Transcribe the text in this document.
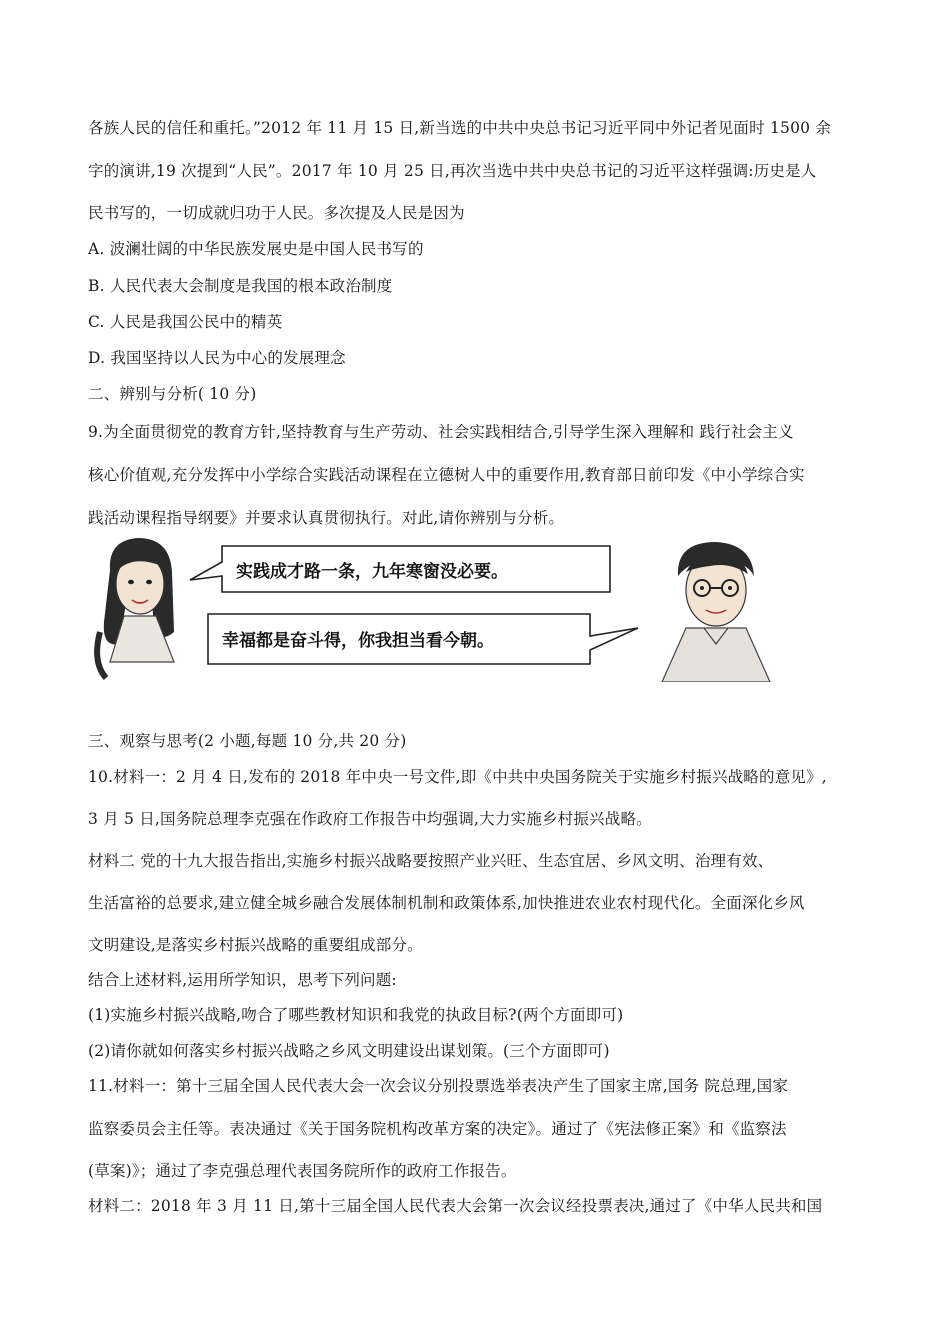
各族人民的信任和重托。”2012 年 11 月 15 日,新当选的中共中央总书记习近平同中外记者见面时 1500 余
字的演讲,19 次提到“人民”。2017 年 10 月 25 日,再次当选中共中央总书记的习近平这样强调:历史是人
民书写的，一切成就归功于人民。多次提及人民是因为
A. 波澜壮阔的中华民族发展史是中国人民书写的
B. 人民代表大会制度是我国的根本政治制度
C. 人民是我国公民中的精英
D. 我国坚持以人民为中心的发展理念
二、辨别与分析( 10 分)
9.为全面贯彻党的教育方针,坚持教育与生产劳动、社会实践相结合,引导学生深入理解和 践行社会主义
核心价值观,充分发挥中小学综合实践活动课程在立德树人中的重要作用,教育部日前印发《中小学综合实
践活动课程指导纲要》并要求认真贯彻执行。对此,请你辨别与分析。
实践成才路一条，九年寒窗没必要。
幸福都是奋斗得，你我担当看今朝。
三、观察与思考(2 小题,每题 10 分,共 20 分)
10.材料一：2 月 4 日,发布的 2018 年中央一号文件,即《中共中央国务院关于实施乡村振兴战略的意见》,
3 月 5 日,国务院总理李克强在作政府工作报告中均强调,大力实施乡村振兴战略。
材料二 党的十九大报告指出,实施乡村振兴战略要按照产业兴旺、生态宜居、乡风文明、治理有效、
生活富裕的总要求,建立健全城乡融合发展体制机制和政策体系,加快推进农业农村现代化。全面深化乡风
文明建设,是落实乡村振兴战略的重要组成部分。
结合上述材料,运用所学知识，思考下列问题:
(1)实施乡村振兴战略,吻合了哪些教材知识和我党的执政目标?(两个方面即可)
(2)请你就如何落实乡村振兴战略之乡风文明建设出谋划策。(三个方面即可)
11.材料一：第十三届全国人民代表大会一次会议分别投票选举表决产生了国家主席,国务 院总理,国家
监察委员会主任等。表决通过《关于国务院机构改革方案的决定》。通过了《宪法修正案》和《监察法
(草案)》；通过了李克强总理代表国务院所作的政府工作报告。
材料二：2018 年 3 月 11 日,第十三届全国人民代表大会第一次会议经投票表决,通过了《中华人民共和国
